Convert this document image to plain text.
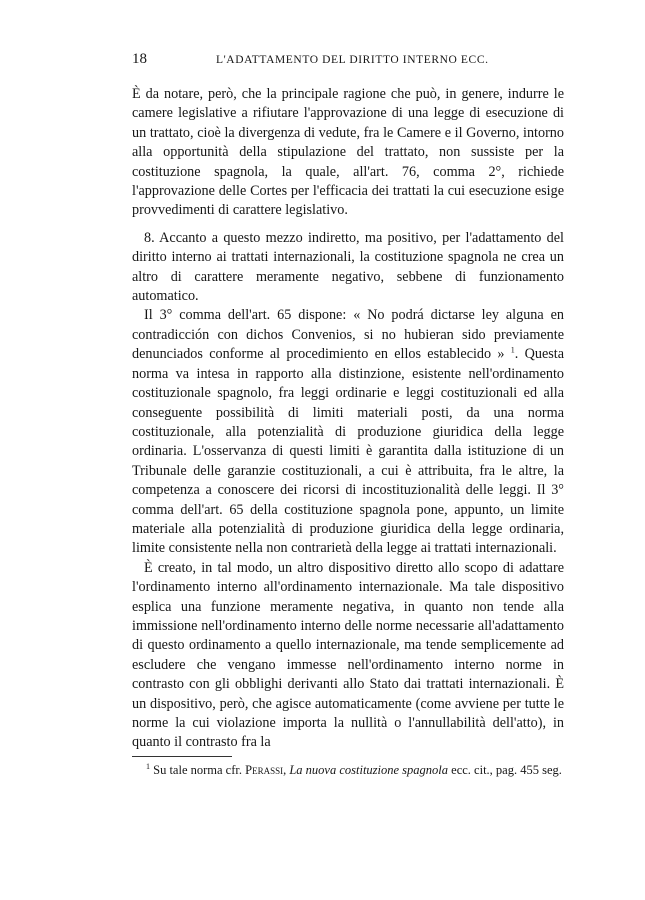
18	L'ADATTAMENTO DEL DIRITTO INTERNO ECC.

È da notare, però, che la principale ragione che può, in genere, indurre le camere legislative a rifiutare l'approvazione di una legge di esecuzione di un trattato, cioè la divergenza di vedute, fra le Camere e il Governo, intorno alla opportunità della stipulazione del trattato, non sussiste per la costituzione spagnola, la quale, all'art. 76, comma 2°, richiede l'approvazione delle Cortes per l'efficacia dei trattati la cui esecuzione esige provvedimenti di carattere legislativo.

8. Accanto a questo mezzo indiretto, ma positivo, per l'adattamento del diritto interno ai trattati internazionali, la costituzione spagnola ne crea un altro di carattere meramente negativo, sebbene di funzionamento automatico.

Il 3° comma dell'art. 65 dispone: « No podrá dictarse ley alguna en contradicción con dichos Convenios, si no hubieran sido previamente denunciados conforme al procedimiento en ellos establecido » $^1$. Questa norma va intesa in rapporto alla distinzione, esistente nell'ordinamento costituzionale spagnolo, fra leggi ordinarie e leggi costituzionali ed alla conseguente possibilità di limiti materiali posti, da una norma costituzionale, alla potenzialità di produzione giuridica della legge ordinaria. L'osservanza di questi limiti è garantita dalla istituzione di un Tribunale delle garanzie costituzionali, a cui è attribuita, fra le altre, la competenza a conoscere dei ricorsi di incostituzionalità delle leggi. Il 3° comma dell'art. 65 della costituzione spagnola pone, appunto, un limite materiale alla potenzialità di produzione giuridica della legge ordinaria, limite consistente nella non contrarietà della legge ai trattati internazionali.

È creato, in tal modo, un altro dispositivo diretto allo scopo di adattare l'ordinamento interno all'ordinamento internazionale. Ma tale dispositivo esplica una funzione meramente negativa, in quanto non tende alla immissione nell'ordinamento interno delle norme necessarie all'adattamento di questo ordinamento a quello internazionale, ma tende semplicemente ad escludere che vengano immesse nell'ordinamento interno norme in contrasto con gli obblighi derivanti allo Stato dai trattati internazionali. È un dispositivo, però, che agisce automaticamente (come avviene per tutte le norme la cui violazione importa la nullità o l'annullabilità dell'atto), in quanto il contrasto fra la

$^1$ Su tale norma cfr. Perassi, La nuova costituzione spagnola ecc. cit., pag. 455 seg.
